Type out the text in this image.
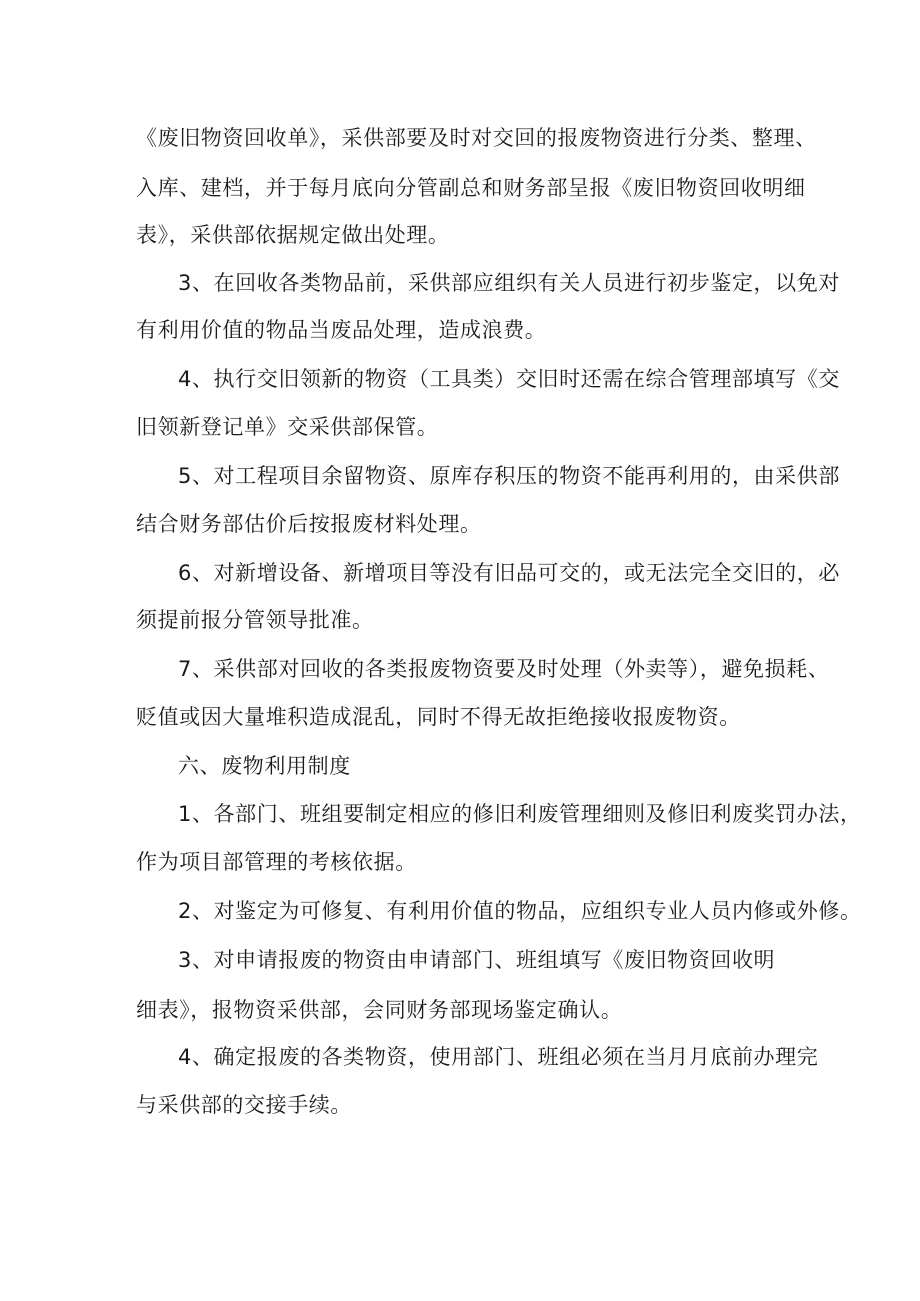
《废旧物资回收单》，采供部要及时对交回的报废物资进行分类、整理、
入库、建档，并于每月底向分管副总和财务部呈报《废旧物资回收明细
表》，采供部依据规定做出处理。
3、在回收各类物品前，采供部应组织有关人员进行初步鉴定，以免对
有利用价值的物品当废品处理，造成浪费。
4、执行交旧领新的物资（工具类）交旧时还需在综合管理部填写《交
旧领新登记单》交采供部保管。
5、对工程项目余留物资、原库存积压的物资不能再利用的，由采供部
结合财务部估价后按报废材料处理。
6、对新增设备、新增项目等没有旧品可交的，或无法完全交旧的，必
须提前报分管领导批准。
7、采供部对回收的各类报废物资要及时处理（外卖等），避免损耗、
贬值或因大量堆积造成混乱，同时不得无故拒绝接收报废物资。
六、废物利用制度
1、各部门、班组要制定相应的修旧利废管理细则及修旧利废奖罚办法，
作为项目部管理的考核依据。
2、对鉴定为可修复、有利用价值的物品，应组织专业人员内修或外修。
3、对申请报废的物资由申请部门、班组填写《废旧物资回收明
细表》，报物资采供部，会同财务部现场鉴定确认。
4、确定报废的各类物资，使用部门、班组必须在当月月底前办理完
与采供部的交接手续。
